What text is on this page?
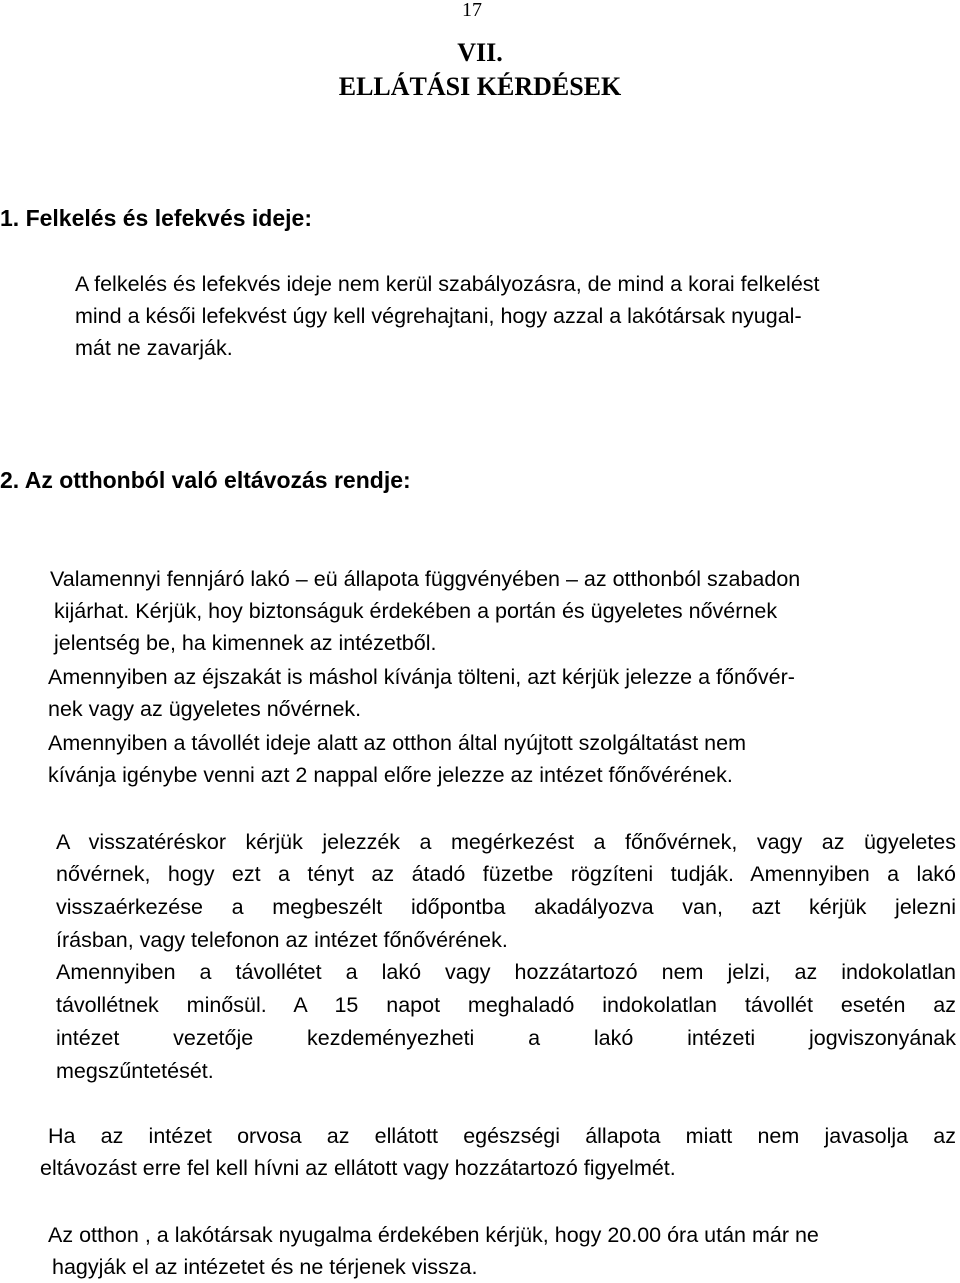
17
VII.
ELLÁTÁSI KÉRDÉSEK
1. Felkelés és lefekvés ideje:
A felkelés és lefekvés ideje nem kerül szabályozásra, de mind a korai felkelést
mind a késői lefekvést úgy kell végrehajtani, hogy azzal a lakótársak nyugal-
mát ne zavarják.
2. Az otthonból való eltávozás rendje:
Valamennyi fennjáró lakó – eü állapota függvényében – az otthonból szabadon
kijárhat. Kérjük, hoy biztonságuk érdekében a portán és ügyeletes nővérnek
jelentség be, ha kimennek az intézetből.
Amennyiben az éjszakát is máshol kívánja tölteni, azt kérjük jelezze a főnővér-
nek vagy az ügyeletes nővérnek.
Amennyiben a távollét ideje alatt az otthon által nyújtott szolgáltatást nem
kívánja igénybe venni azt 2 nappal előre jelezze az intézet főnővérének.
A visszatéréskor kérjük jelezzék a megérkezést a főnővérnek, vagy az ügyeletes
nővérnek, hogy ezt a tényt az átadó füzetbe rögzíteni tudják. Amennyiben a lakó
visszaérkezése a megbeszélt időpontba akadályozva van, azt kérjük jelezni
írásban, vagy telefonon az intézet főnővérének.
Amennyiben a távollétet a lakó vagy hozzátartozó nem jelzi, az indokolatlan
távollétnek minősül. A 15 napot meghaladó indokolatlan távollét esetén az
intézet vezetője kezdeményezheti a lakó intézeti jogviszonyának
megszűntetését.
Ha az intézet orvosa az ellátott egészségi állapota miatt nem javasolja az
eltávozást erre fel kell hívni az ellátott vagy hozzátartozó figyelmét.
Az otthon , a lakótársak nyugalma érdekében kérjük, hogy 20.00 óra után már ne
hagyják el az intézetet és ne térjenek vissza.
